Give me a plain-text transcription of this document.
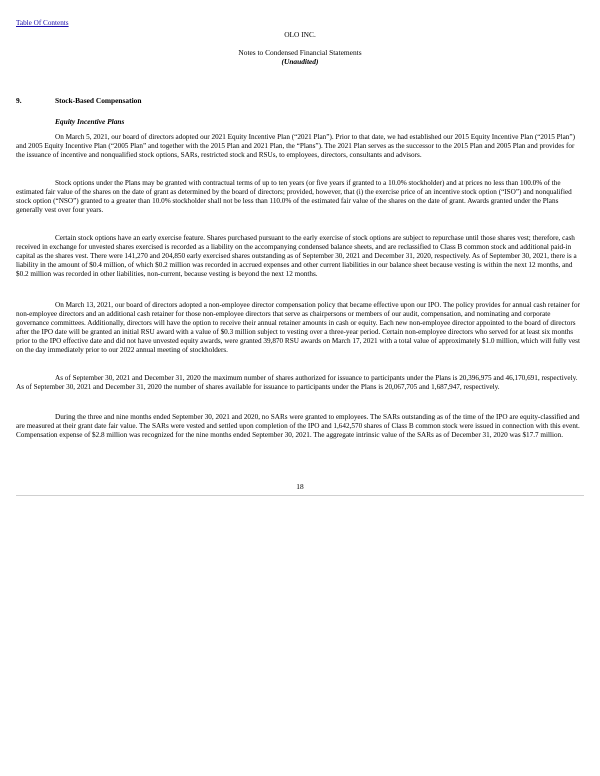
Table Of Contents
OLO INC.
Notes to Condensed Financial Statements
(Unaudited)
9.	Stock-Based Compensation
Equity Incentive Plans

On March 5, 2021, our board of directors adopted our 2021 Equity Incentive Plan (“2021 Plan”). Prior to that date, we had established our 2015 Equity Incentive Plan (“2015 Plan”) and 2005 Equity Incentive Plan (“2005 Plan” and together with the 2015 Plan and 2021 Plan, the “Plans”). The 2021 Plan serves as the successor to the 2015 Plan and 2005 Plan and provides for the issuance of incentive and nonqualified stock options, SARs, restricted stock and RSUs, to employees, directors, consultants and advisors.

Stock options under the Plans may be granted with contractual terms of up to ten years (or five years if granted to a 10.0% stockholder) and at prices no less than 100.0% of the estimated fair value of the shares on the date of grant as determined by the board of directors; provided, however, that (i) the exercise price of an incentive stock option (“ISO”) and nonqualified stock option (“NSO”) granted to a greater than 10.0% stockholder shall not be less than 110.0% of the estimated fair value of the shares on the date of grant. Awards granted under the Plans generally vest over four years.

Certain stock options have an early exercise feature. Shares purchased pursuant to the early exercise of stock options are subject to repurchase until those shares vest; therefore, cash received in exchange for unvested shares exercised is recorded as a liability on the accompanying condensed balance sheets, and are reclassified to Class B common stock and additional paid-in capital as the shares vest. There were 141,270 and 204,850 early exercised shares outstanding as of September 30, 2021 and December 31, 2020, respectively. As of September 30, 2021, there is a liability in the amount of $0.4 million, of which $0.2 million was recorded in accrued expenses and other current liabilities in our balance sheet because vesting is within the next 12 months, and $0.2 million was recorded in other liabilities, non-current, because vesting is beyond the next 12 months.

On March 13, 2021, our board of directors adopted a non-employee director compensation policy that became effective upon our IPO. The policy provides for annual cash retainer for non-employee directors and an additional cash retainer for those non-employee directors that serve as chairpersons or members of our audit, compensation, and nominating and corporate governance committees. Additionally, directors will have the option to receive their annual retainer amounts in cash or equity. Each new non-employee director appointed to the board of directors after the IPO date will be granted an initial RSU award with a value of $0.3 million subject to vesting over a three-year period. Certain non-employee directors who served for at least six months prior to the IPO effective date and did not have unvested equity awards, were granted 39,870 RSU awards on March 17, 2021 with a total value of approximately $1.0 million, which will fully vest on the day immediately prior to our 2022 annual meeting of stockholders.

As of September 30, 2021 and December 31, 2020 the maximum number of shares authorized for issuance to participants under the Plans is 20,396,975 and 46,170,691, respectively. As of September 30, 2021 and December 31, 2020 the number of shares available for issuance to participants under the Plans is 20,067,705 and 1,687,947, respectively.

During the three and nine months ended September 30, 2021 and 2020, no SARs were granted to employees. The SARs outstanding as of the time of the IPO are equity-classified and are measured at their grant date fair value. The SARs were vested and settled upon completion of the IPO and 1,642,570 shares of Class B common stock were issued in connection with this event. Compensation expense of $2.8 million was recognized for the nine months ended September 30, 2021. The aggregate intrinsic value of the SARs as of December 31, 2020 was $17.7 million.

18
